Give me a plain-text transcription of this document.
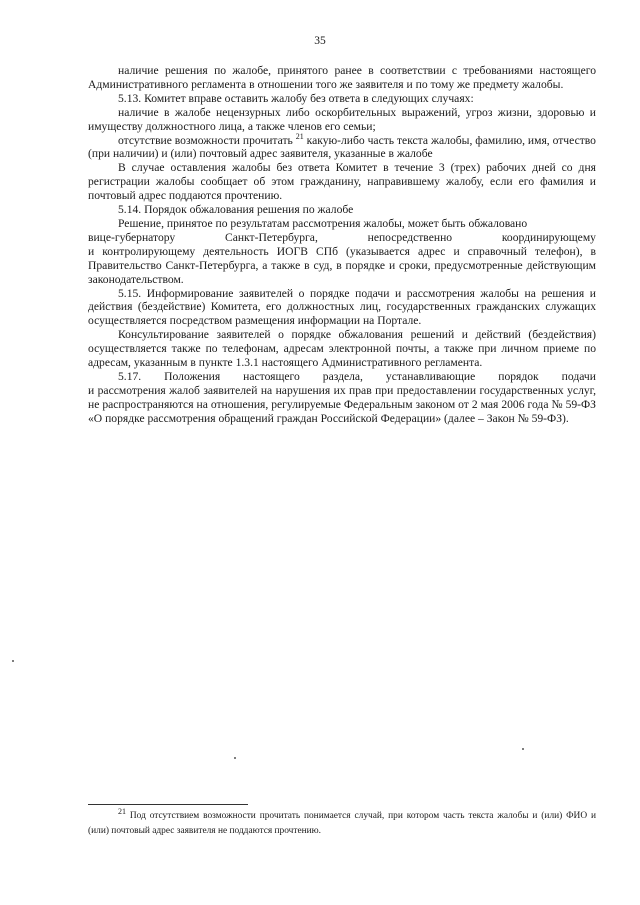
35

наличие решения по жалобе, принятого ранее в соответствии с требованиями настоящего Административного регламента в отношении того же заявителя и по тому же предмету жалобы.

5.13. Комитет вправе оставить жалобу без ответа в следующих случаях:

наличие в жалобе нецензурных либо оскорбительных выражений, угроз жизни, здоровью и имуществу должностного лица, а также членов его семьи;

отсутствие возможности прочитать $^{21}$ какую-либо часть текста жалобы, фамилию, имя, отчество (при наличии) и (или) почтовый адрес заявителя, указанные в жалобе

В случае оставления жалобы без ответа Комитет в течение 3 (трех) рабочих дней со дня регистрации жалобы сообщает об этом гражданину, направившему жалобу, если его фамилия и почтовый адрес поддаются прочтению.

5.14. Порядок обжалования решения по жалобе

Решение, принятое по результатам рассмотрения жалобы, может быть обжаловано

вице-губернатору	Санкт-Петербурга,	непосредственно	координирующему

и контролирующему деятельность ИОГВ СПб (указывается адрес и справочный телефон), в Правительство Санкт-Петербурга, а также в суд, в порядке и сроки, предусмотренные действующим законодательством.

5.15. Информирование заявителей о порядке подачи и рассмотрения жалобы на решения и действия (бездействие) Комитета, его должностных лиц, государственных гражданских служащих осуществляется посредством размещения информации на Портале.

Консультирование заявителей о порядке обжалования решений и действий (бездействия) осуществляется также по телефонам, адресам электронной почты, а также при личном приеме по адресам, указанным в пункте 1.3.1 настоящего Административного регламента.

5.17. Положения настоящего раздела, устанавливающие порядок подачи

и рассмотрения жалоб заявителей на нарушения их прав при предоставлении государственных услуг, не распространяются на отношения, регулируемые Федеральным законом от 2 мая 2006 года № 59-ФЗ «О порядке рассмотрения обращений граждан Российской Федерации» (далее – Закон № 59-ФЗ).

$^{21}$ Под отсутствием возможности прочитать понимается случай, при котором часть текста жалобы и (или) ФИО и (или) почтовый адрес заявителя не поддаются прочтению.
